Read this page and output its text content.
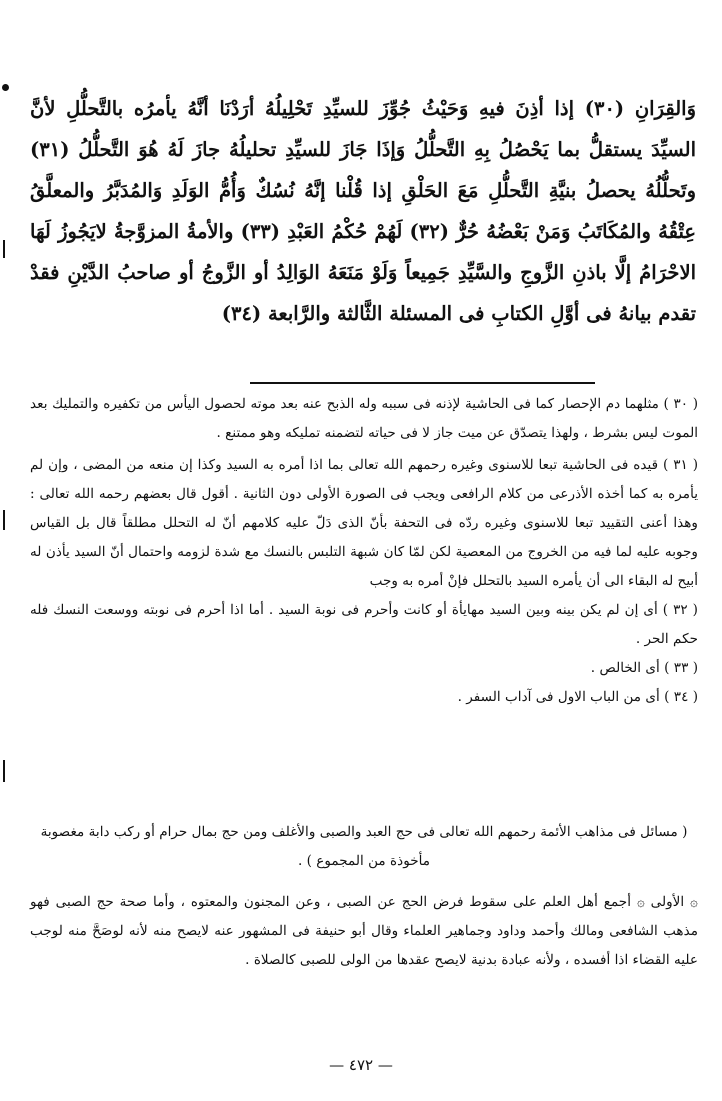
وَالقِرَانِ (٣٠) إذا أذِنَ فيهِ وَحَيْثُ جُوِّزَ للسيِّدِ تَحْلِيلُهُ أرَدْنَا أنَّهُ يأمرُه بالتَّحلُّلِ لأنَّ السيِّدَ يستقلُّ بما يَحْصُلُ بِهِ التَّحلُّلُ وَإذَا جَازَ للسيِّدِ تحليلُهُ جازَ لَهُ هُوَ التَّحلُّلُ (٣١) وتَحلُّلُهُ يحصلُ بنيَّةِ التَّحلُّلِ مَعَ الحَلْقِ إذا قُلْنا إنَّهُ نُسُكٌ وَأُمُّ الوَلَدِ وَالمُدَبَّرُ والمعلَّقُ عِتْقُهُ والمُكَاتَبُ وَمَنْ بَعْضُهُ حُرٌّ (٣٢) لَهُمْ حُكْمُ العَبْدِ (٣٣) والأمةُ المزوَّجةُ لايَجُوزُ لَهَا الاحْرَامُ إلَّا باذنِ الزَّوجِ والسَّيِّدِ جَمِيعاً وَلَوْ مَنَعَهُ الوَالِدُ أو الزَّوجُ أو صاحبُ الدَّيْنِ فقدْ تقدم بيانهُ فى أوَّلِ الكتابِ فى المسئلة الثَّالثة والرَّابعة (٣٤)

( ٣٠ ) مثلهما دم الإحصار كما فى الحاشية لإذنه فى سببه وله الذبح عنه بعد موته لحصول اليأس من تكفيره والتمليك بعد الموت ليس بشرط ، ولهذا يتصدّق عن ميت جاز لا فى حياته لتضمنه تمليكه وهو ممتنع .

( ٣١ ) قيده فى الحاشية تبعا للاسنوى وغيره رحمهم الله تعالى بما اذا أمره به السيد وكذا إن منعه من المضى ، وإن لم يأمره به كما أخذه الأذرعى من كلام الرافعى ويجب فى الصورة الأولى دون الثانية . أقول قال بعضهم رحمه الله تعالى : وهذا أعنى التقييد تبعا للاسنوى وغيره ردّه فى التحفة بأنّ الذى دَلّ عليه كلامهم أنّ له التحلل مطلقاً قال بل القياس وجوبه عليه لما فيه من الخروج من المعصية لكن لمّا كان شبهة التلبس بالنسك مع شدة لزومه واحتمال أنّ السيد يأذن له أبيح له البقاء الى أن يأمره السيد بالتحلل فإنْ أمره به وجب

( ٣٢ ) أى إن لم يكن بينه وبين السيد مهايأة أو كانت وأحرم فى نوبة السيد . أما اذا أحرم فى نوبته ووسعت النسك فله حكم الحر .

( ٣٣ ) أى الخالص .

( ٣٤ ) أى من الباب الاول فى آداب السفر .

( مسائل فى مذاهب الأئمة رحمهم الله تعالى فى حج العبد والصبى والأغلف ومن حج بمال حرام أو ركب دابة مغصوبة مأخوذة من المجموع ) .

۞ الأولى ۞ أجمع أهل العلم على سقوط فرض الحج عن الصبى ، وعن المجنون والمعتوه ، وأما صحة حج الصبى فهو مذهب الشافعى ومالك وأحمد وداود وجماهير العلماء وقال أبو حنيفة فى المشهور عنه لايصح منه لأنه لوصَحَّ منه لوجب عليه القضاء اذا أفسده ، ولأنه عبادة بدنية لايصح عقدها من الولى للصبى كالصلاة .

— ٤٧٢ —
